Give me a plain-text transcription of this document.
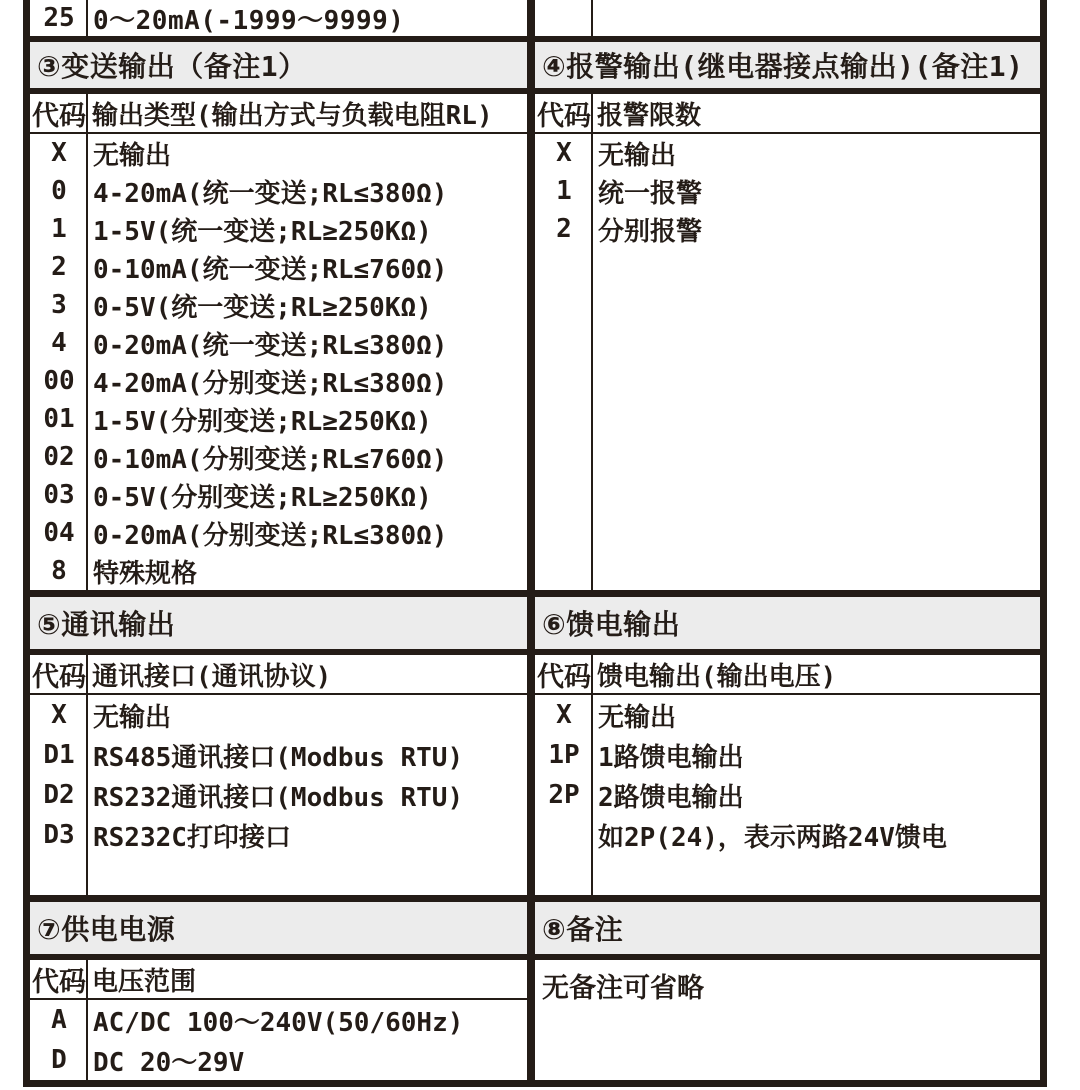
25 0～20mA(-1999～9999)
③变送输出（备注1）	④报警输出(继电器接点输出)(备注1)
代码 输出类型(输出方式与负载电阻RL)
X	无输出
0	4-20mA(统一变送;RL≤380Ω)
1	1-5V(统一变送;RL≥250KΩ)
2	0-10mA(统一变送;RL≤760Ω)
3	0-5V(统一变送;RL≥250KΩ)
4	0-20mA(统一变送;RL≤380Ω)
00 4-20mA(分别变送;RL≤380Ω)
01 1-5V(分别变送;RL≥250KΩ)
02 0-10mA(分别变送;RL≤760Ω)
03 0-5V(分别变送;RL≥250KΩ)
04 0-20mA(分别变送;RL≤380Ω)
8	特殊规格
代码 报警限数
X	无输出
1	统一报警
2	分别报警
⑤通讯输出	⑥馈电输出
代码 通讯接口(通讯协议)
X	无输出
D1 RS485通讯接口(Modbus RTU)
D2 RS232通讯接口(Modbus RTU)
D3 RS232C打印接口
代码 馈电输出(输出电压)
X	无输出
1P 1路馈电输出
2P 2路馈电输出
如2P(24)，表示两路24V馈电
⑦供电电源	⑧备注
代码 电压范围
A	AC/DC 100～240V(50/60Hz)
D	DC 20～29V
无备注可省略
